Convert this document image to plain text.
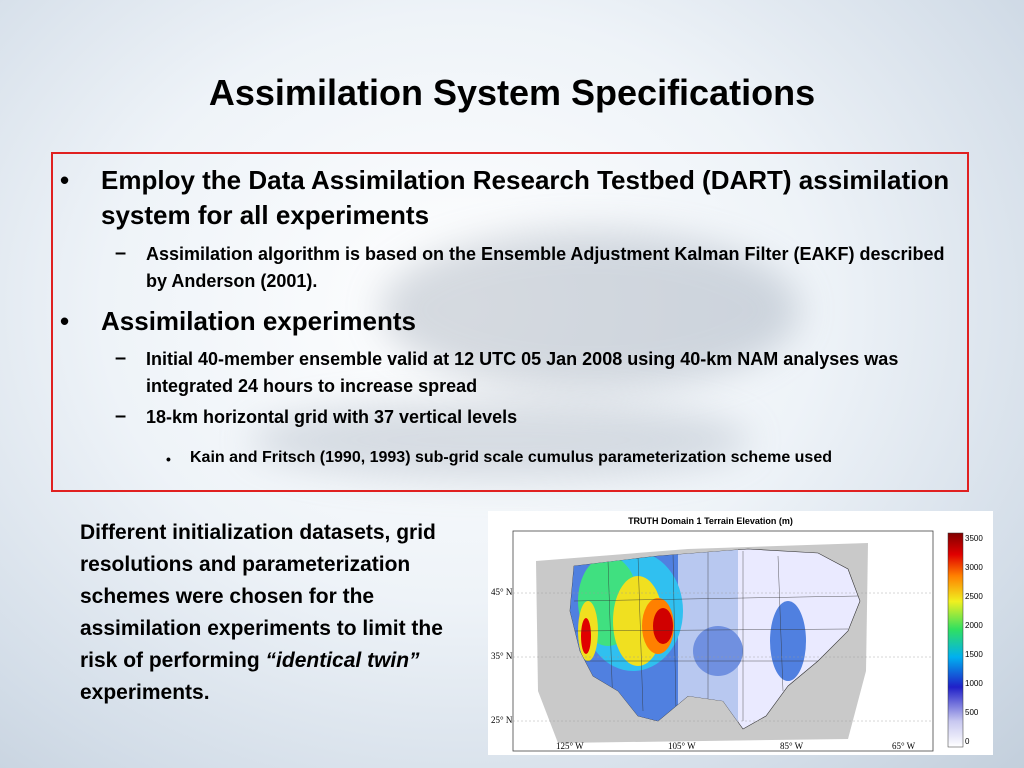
Assimilation System Specifications
• Employ the Data Assimilation Research Testbed (DART) assimilation system for all experiments
– Assimilation algorithm is based on the Ensemble Adjustment Kalman Filter (EAKF) described by Anderson (2001).
• Assimilation experiments
– Initial 40-member ensemble valid at 12 UTC 05 Jan 2008 using 40-km NAM analyses was integrated 24 hours to increase spread
– 18-km horizontal grid with 37 vertical levels
• Kain and Fritsch (1990, 1993) sub-grid scale cumulus parameterization scheme used
Different initialization datasets, grid resolutions and parameterization schemes were chosen for the assimilation experiments to limit the risk of performing “identical twin” experiments.
TRUTH Domain 1 Terrain Elevation (m)
45° N
35° N
25° N
125° W	105° W	85° W	65° W
3500
3000
2500
2000
1500
1000
500
0
